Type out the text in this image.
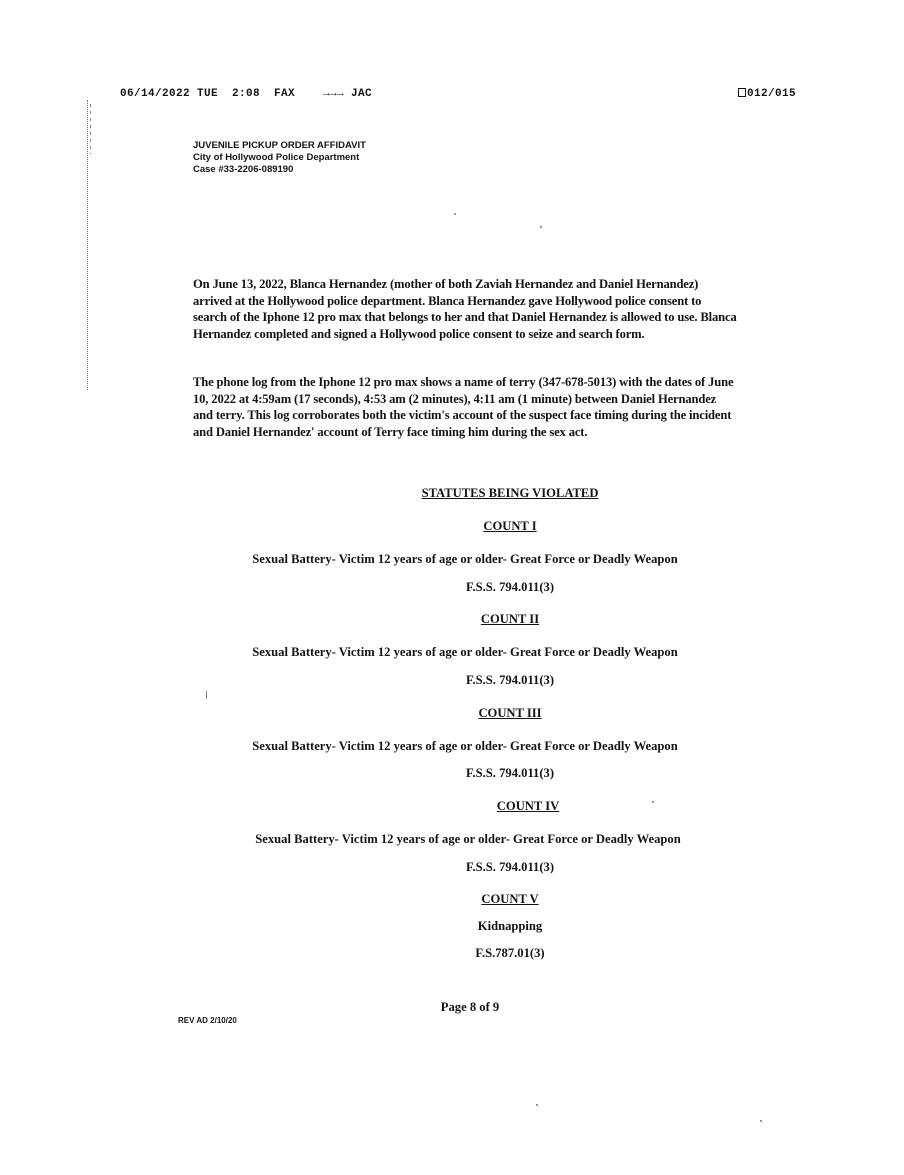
06/14/2022 TUE  2:08  FAX    →→→ JAC	012/015
JUVENILE PICKUP ORDER AFFIDAVIT
City of Hollywood Police Department
Case #33-2206-089190
On June 13, 2022, Blanca Hernandez (mother of both Zaviah Hernandez and Daniel Hernandez) arrived at the Hollywood police department. Blanca Hernandez gave Hollywood police consent to search of the Iphone 12 pro max that belongs to her and that Daniel Hernandez is allowed to use. Blanca Hernandez completed and signed a Hollywood police consent to seize and search form.
The phone log from the Iphone 12 pro max shows a name of terry (347-678-5013) with the dates of June 10, 2022 at 4:59am (17 seconds), 4:53 am (2 minutes), 4:11 am (1 minute) between Daniel Hernandez and terry. This log corroborates both the victim's account of the suspect face timing during the incident and Daniel Hernandez' account of Terry face timing him during the sex act.
STATUTES BEING VIOLATED
COUNT I
Sexual Battery- Victim 12 years of age or older- Great Force or Deadly Weapon
F.S.S. 794.011(3)
COUNT II
Sexual Battery- Victim 12 years of age or older- Great Force or Deadly Weapon
F.S.S. 794.011(3)
COUNT III
Sexual Battery- Victim 12 years of age or older- Great Force or Deadly Weapon
F.S.S. 794.011(3)
COUNT IV
Sexual Battery- Victim 12 years of age or older- Great Force or Deadly Weapon
F.S.S. 794.011(3)
COUNT V
Kidnapping
F.S.787.01(3)
Page 8 of 9
REV AD 2/10/20
